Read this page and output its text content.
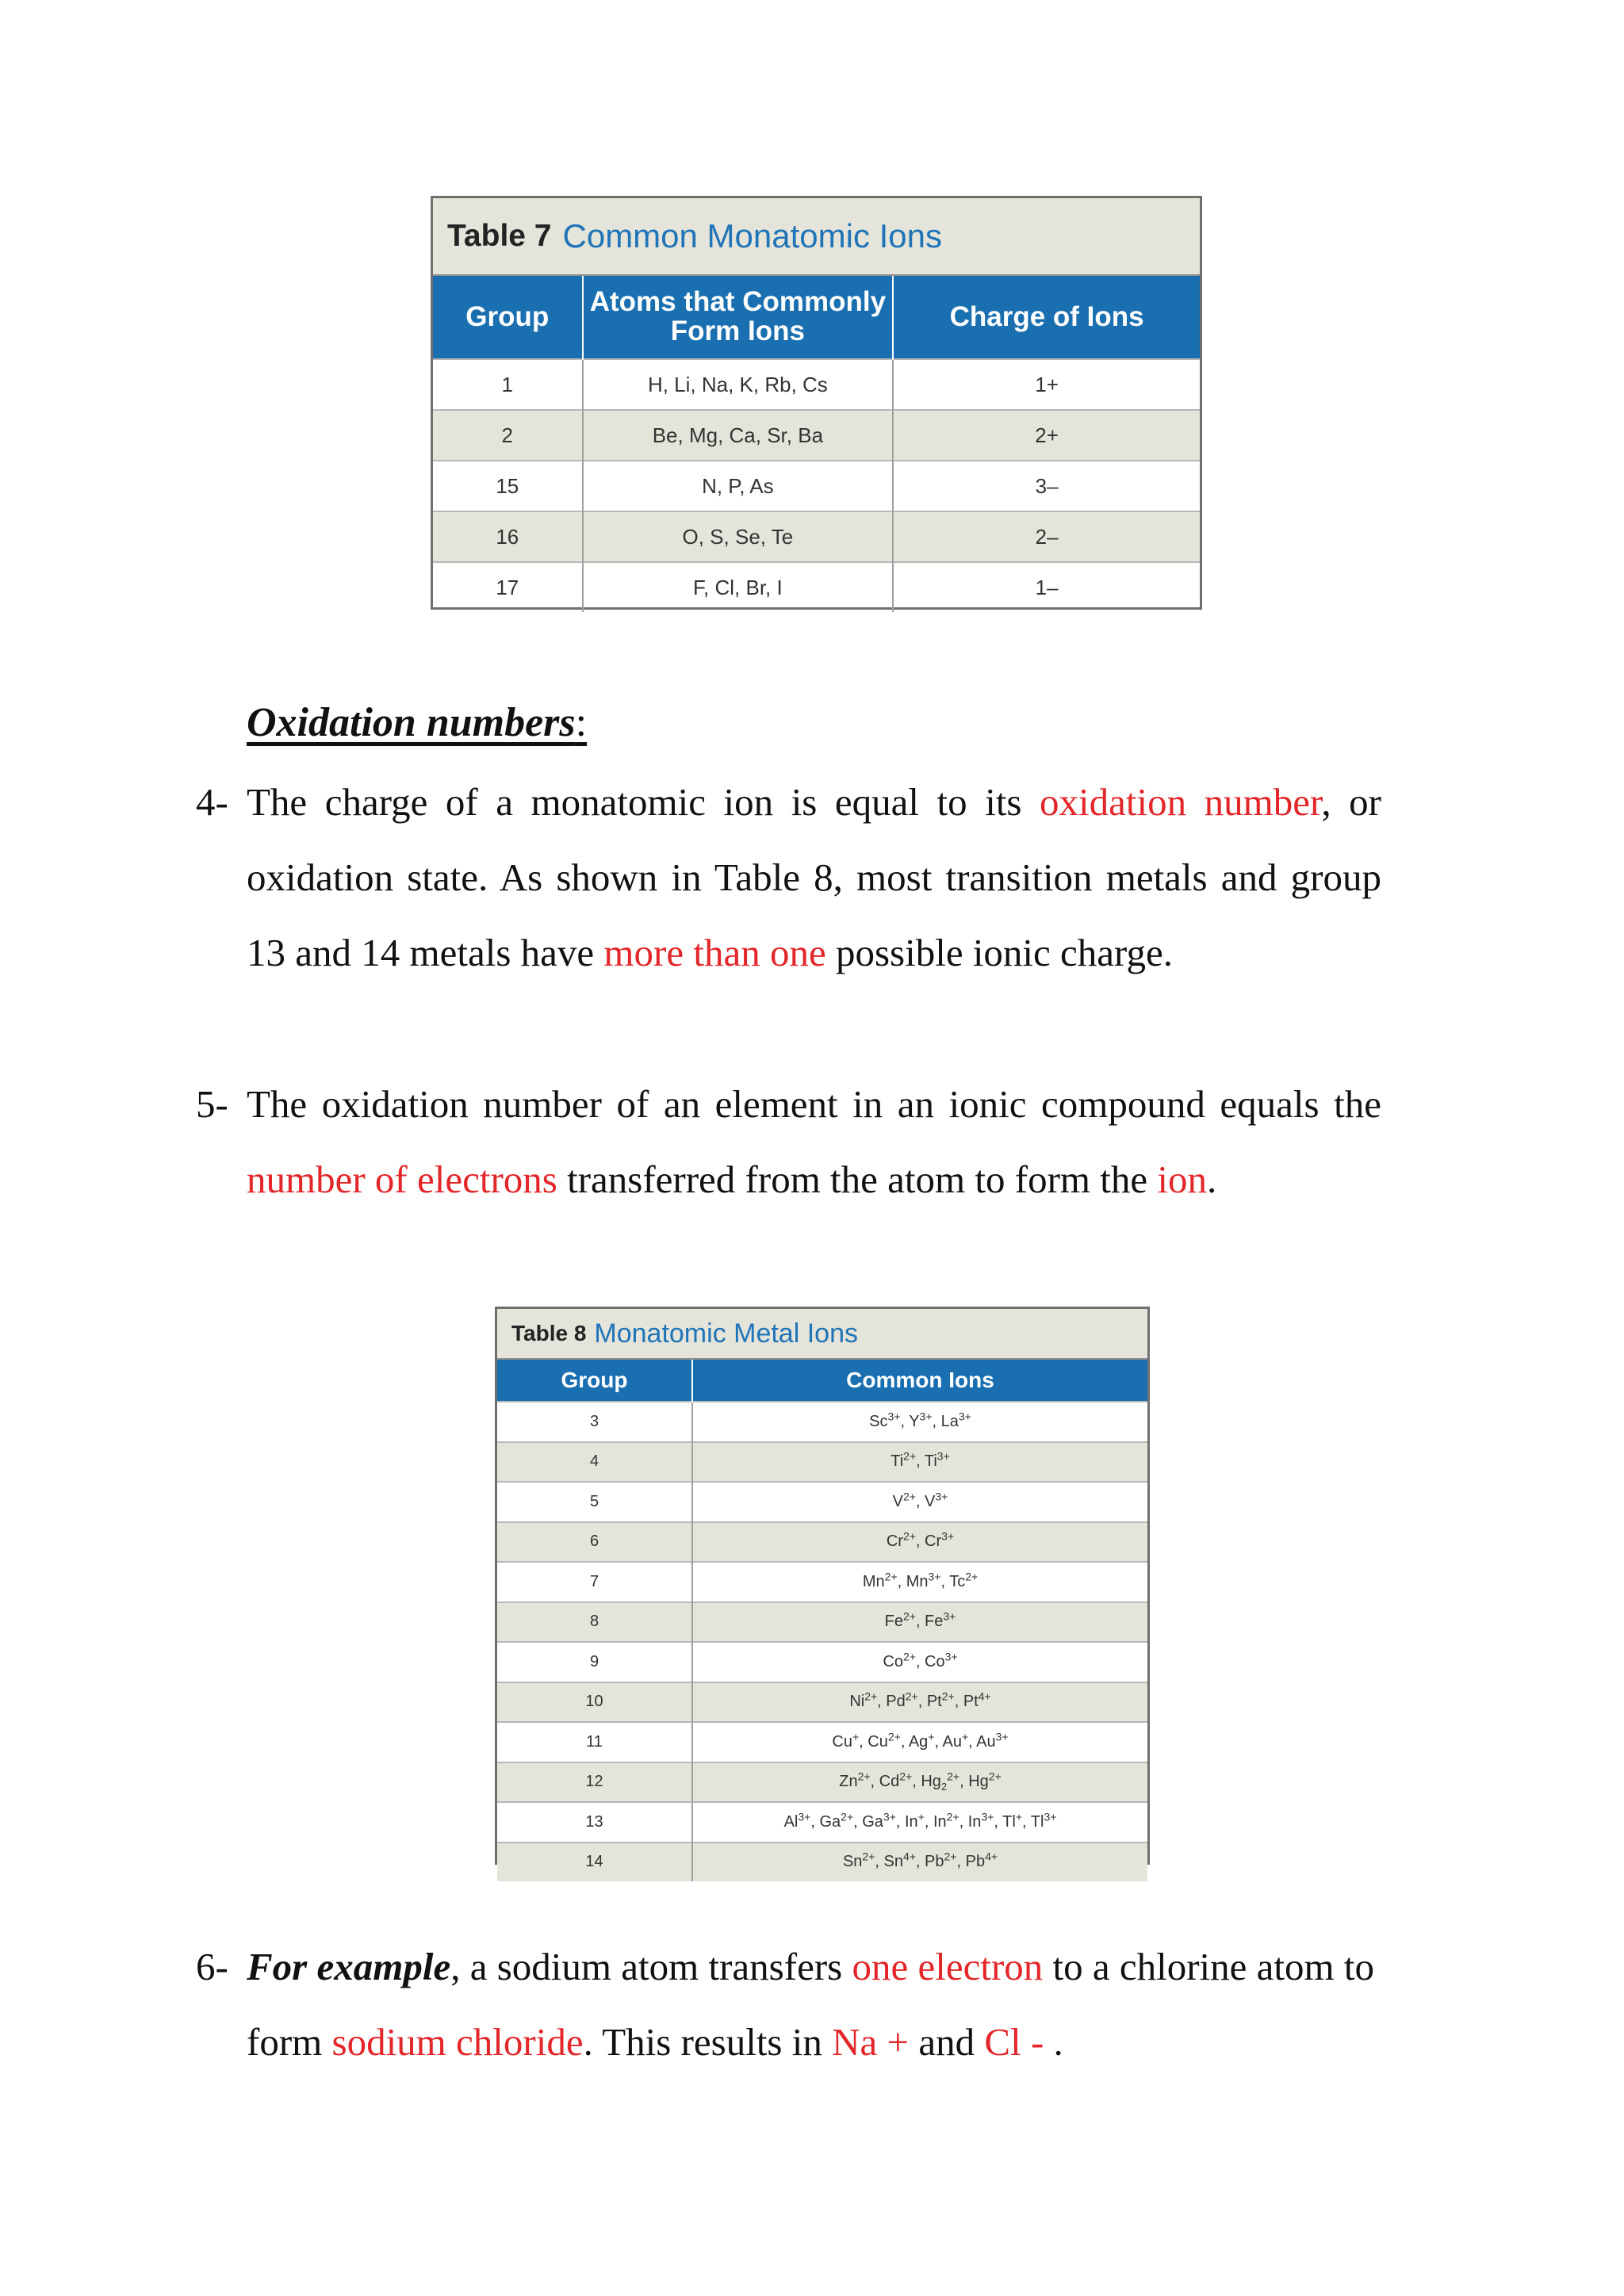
Table 7 Common Monatomic Ions
Group	Atoms that Commonly Form Ions	Charge of Ions
1	H, Li, Na, K, Rb, Cs	1+
2	Be, Mg, Ca, Sr, Ba	2+
15	N, P, As	3–
16	O, S, Se, Te	2–
17	F, Cl, Br, I	1–
Oxidation numbers:
4- The charge of a monatomic ion is equal to its oxidation number, or oxidation state. As shown in Table 8, most transition metals and group 13 and 14 metals have more than one possible ionic charge.
5- The oxidation number of an element in an ionic compound equals the number of electrons transferred from the atom to form the ion.
Table 8 Monatomic Metal Ions
Group	Common Ions
3	$Sc^{3+}$, $Y^{3+}$, $La^{3+}$
4	$Ti^{2+}$, $Ti^{3+}$
5	$V^{2+}$, $V^{3+}$
6	$Cr^{2+}$, $Cr^{3+}$
7	$Mn^{2+}$, $Mn^{3+}$, $Tc^{2+}$
8	$Fe^{2+}$, $Fe^{3+}$
9	$Co^{2+}$, $Co^{3+}$
10	$Ni^{2+}$, $Pd^{2+}$, $Pt^{2+}$, $Pt^{4+}$
11	Cu+, $Cu^{2+}$, Ag+, Au+, $Au^{3+}$
12	$Zn^{2+}$, $Cd^{2+}$, $Hg_2^{2+}$, $Hg^{2+}$
13	$Al^{3+}$, $Ga^{2+}$, $Ga^{3+}$, In+, $In^{2+}$, $In^{3+}$, Tl+, $Tl^{3+}$
14	$Sn^{2+}$, $Sn^{4+}$, $Pb^{2+}$, $Pb^{4+}$
6- For example, a sodium atom transfers one electron to a chlorine atom to form sodium chloride. This results in Na + and Cl - .
